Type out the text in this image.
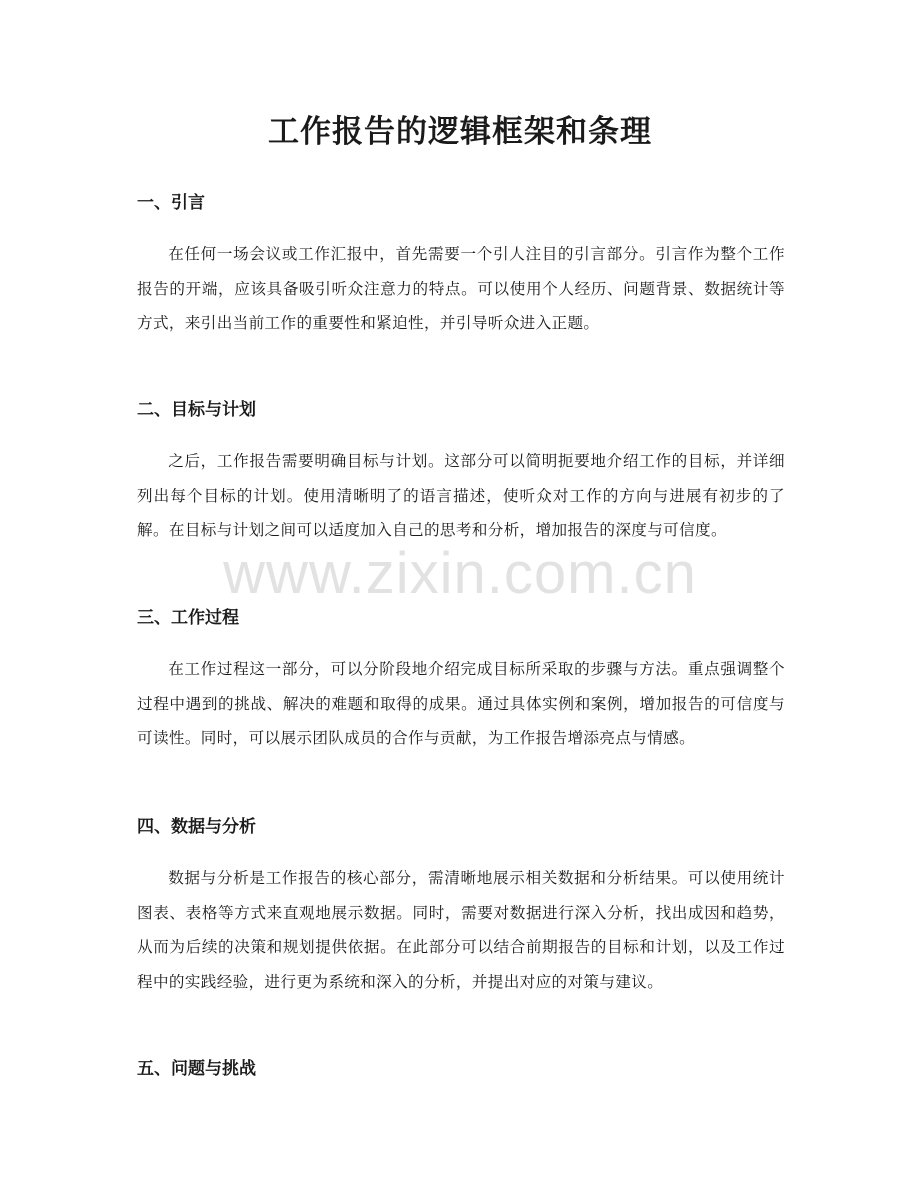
工作报告的逻辑框架和条理
一、引言

在任何一场会议或工作汇报中，首先需要一个引人注目的引言部分。引言作为整个工作报告的开端，应该具备吸引听众注意力的特点。可以使用个人经历、问题背景、数据统计等方式，来引出当前工作的重要性和紧迫性，并引导听众进入正题。

二、目标与计划

之后，工作报告需要明确目标与计划。这部分可以简明扼要地介绍工作的目标，并详细列出每个目标的计划。使用清晰明了的语言描述，使听众对工作的方向与进展有初步的了解。在目标与计划之间可以适度加入自己的思考和分析，增加报告的深度与可信度。

三、工作过程

在工作过程这一部分，可以分阶段地介绍完成目标所采取的步骤与方法。重点强调整个过程中遇到的挑战、解决的难题和取得的成果。通过具体实例和案例，增加报告的可信度与可读性。同时，可以展示团队成员的合作与贡献，为工作报告增添亮点与情感。

四、数据与分析

数据与分析是工作报告的核心部分，需清晰地展示相关数据和分析结果。可以使用统计图表、表格等方式来直观地展示数据。同时，需要对数据进行深入分析，找出成因和趋势，从而为后续的决策和规划提供依据。在此部分可以结合前期报告的目标和计划，以及工作过程中的实践经验，进行更为系统和深入的分析，并提出对应的对策与建议。

五、问题与挑战
www.zixin.com.cn
